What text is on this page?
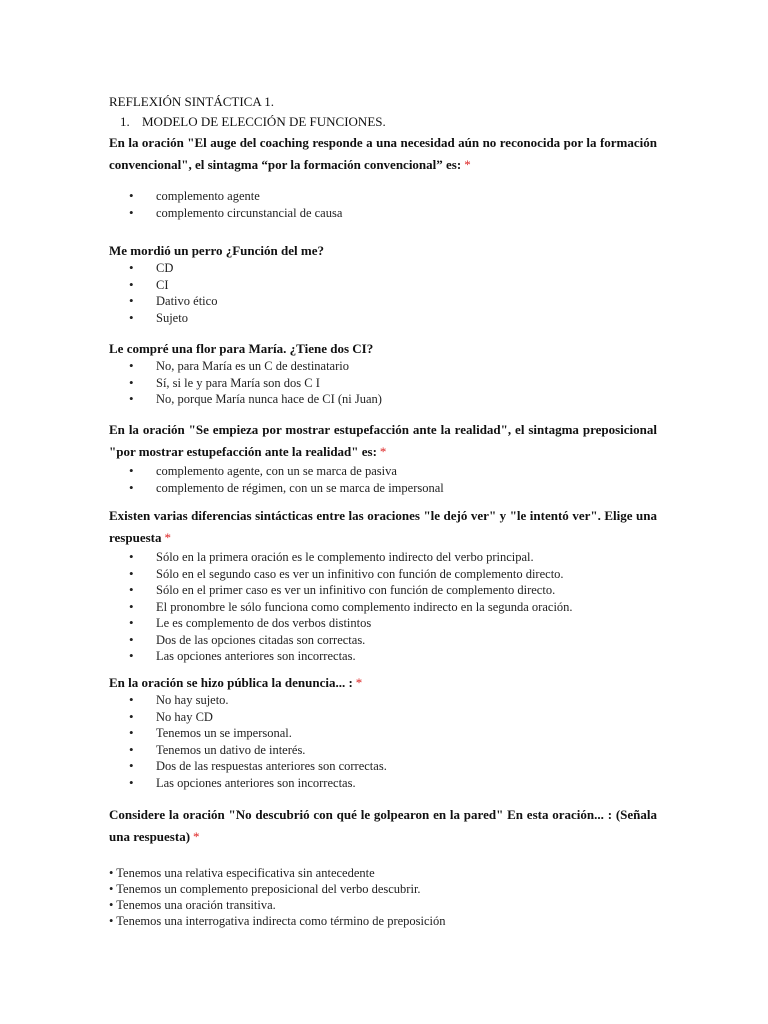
REFLEXIÓN SINTÁCTICA 1.

1. MODELO DE ELECCIÓN DE FUNCIONES.

En la oración "El auge del coaching responde a una necesidad aún no reconocida por la formación convencional", el sintagma “por la formación convencional” es: *

• complemento agente
• complemento circunstancial de causa

Me mordió un perro ¿Función del me?

• CD
• CI
• Dativo ético
• Sujeto

Le compré una flor para María. ¿Tiene dos CI?

• No, para María es un C de destinatario
• Sí, si le y para María son dos C I
• No, porque María nunca hace de CI (ni Juan)

En la oración "Se empieza por mostrar estupefacción ante la realidad", el sintagma preposicional "por mostrar estupefacción ante la realidad" es: *

• complemento agente, con un se marca de pasiva
• complemento de régimen, con un se marca de impersonal

Existen varias diferencias sintácticas entre las oraciones "le dejó ver" y "le intentó ver". Elige una respuesta *

• Sólo en la primera oración es le complemento indirecto del verbo principal.
• Sólo en el segundo caso es ver un infinitivo con función de complemento directo.
• Sólo en el primer caso es ver un infinitivo con función de complemento directo.
• El pronombre le sólo funciona como complemento indirecto en la segunda oración.
• Le es complemento de dos verbos distintos
• Dos de las opciones citadas son correctas.
• Las opciones anteriores son incorrectas.

En la oración se hizo pública la denuncia... : *

• No hay sujeto.
• No hay CD
• Tenemos un se impersonal.
• Tenemos un dativo de interés.
• Dos de las respuestas anteriores son correctas.
• Las opciones anteriores son incorrectas.

Considere la oración "No descubrió con qué le golpearon en la pared" En esta oración... : (Señala una respuesta) *

• Tenemos una relativa especificativa sin antecedente
• Tenemos un complemento preposicional del verbo descubrir.
• Tenemos una oración transitiva.
• Tenemos una interrogativa indirecta como término de preposición
